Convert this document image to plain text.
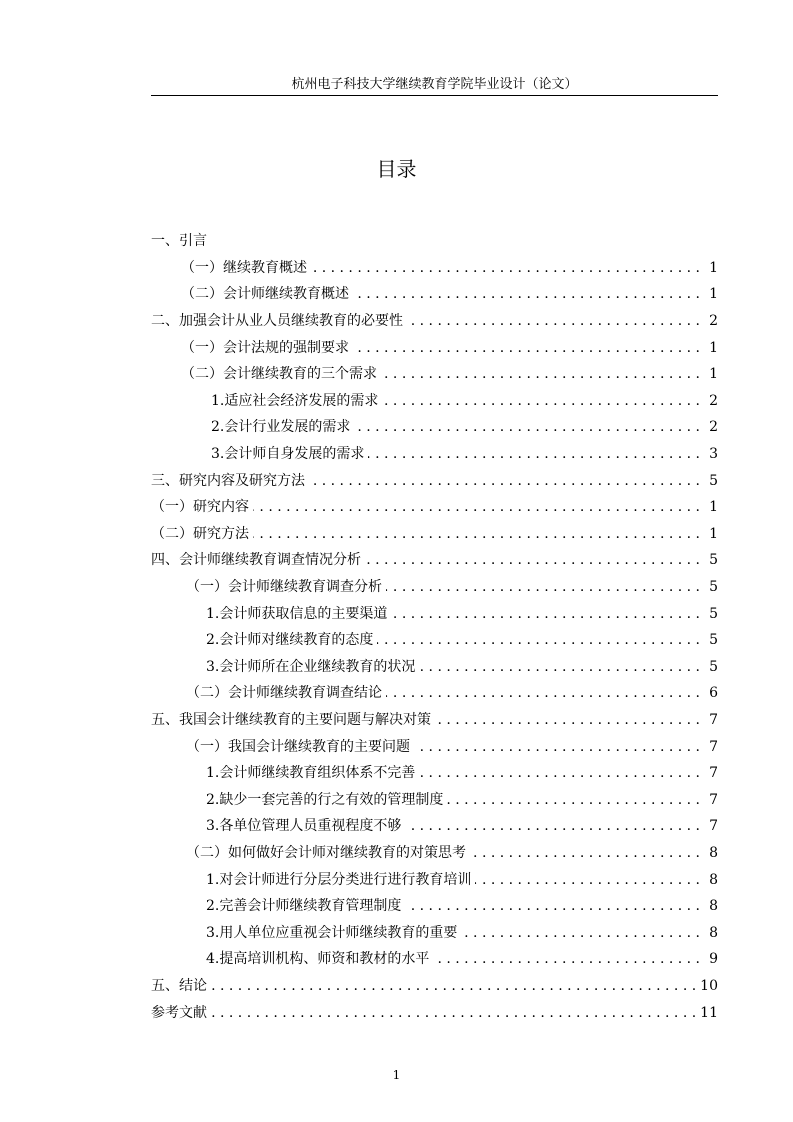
杭州电子科技大学继续教育学院毕业设计（论文）
目录
一、引言
（一）继续教育概述 . . .	1
（二）会计师继续教育概述 . . .	1
二、加强会计从业人员继续教育的必要性 . . .	2
（一）会计法规的强制要求 . . .	1
（二）会计继续教育的三个需求 . . .	1
1.适应社会经济发展的需求 . . .	2
2.会计行业发展的需求 . . .	2
3.会计师自身发展的需求 . . .	3
三、研究内容及研究方法 . . .	5
（一）研究内容 . . .	1
（二）研究方法 . . .	1
四、会计师继续教育调查情况分析 . . .	5
（一）会计师继续教育调查分析 . . .	5
1.会计师获取信息的主要渠道 . . .	5
2.会计师对继续教育的态度 . . .	5
3.会计师所在企业继续教育的状况 . . .	5
（二）会计师继续教育调查结论 . . .	6
五、我国会计继续教育的主要问题与解决对策 . . .	7
（一）我国会计继续教育的主要问题 . . .	7
1.会计师继续教育组织体系不完善 . . .	7
2.缺少一套完善的行之有效的管理制度 . . .	7
3.各单位管理人员重视程度不够 . . .	7
（二）如何做好会计师对继续教育的对策思考 . . .	8
1.对会计师进行分层分类进行进行教育培训 . . .	8
2.完善会计师继续教育管理制度 . . .	8
3.用人单位应重视会计师继续教育的重要 . . .	8
4.提高培训机构、师资和教材的水平 . . .	9
五、结论 . . .	10
参考文献 . . .	11
1
